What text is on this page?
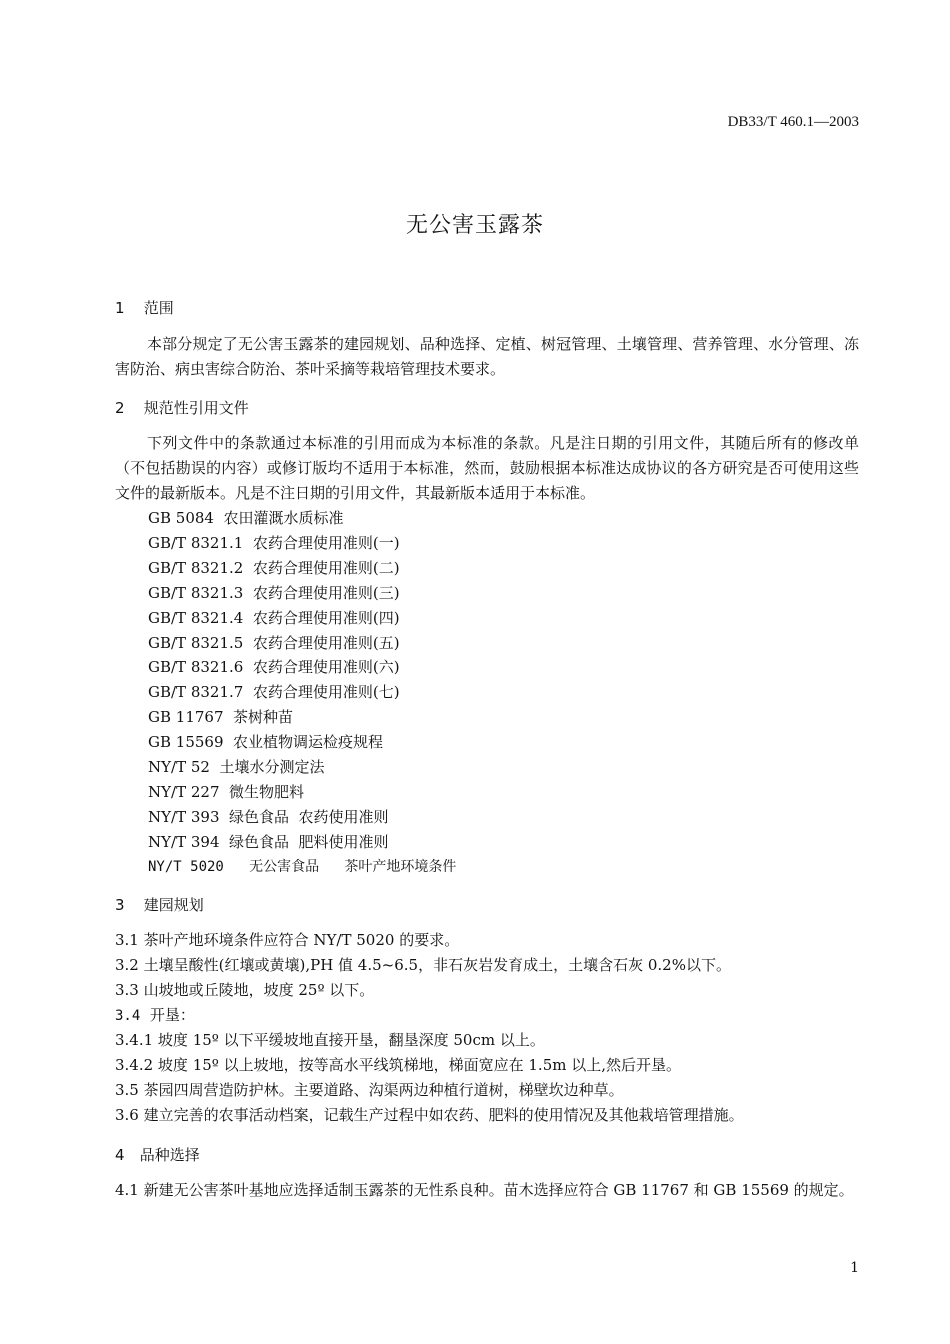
DB33/T 460.1—2003
无公害玉露茶
1 范围

本部分规定了无公害玉露茶的建园规划、品种选择、定植、树冠管理、土壤管理、营养管理、水分管理、冻害防治、病虫害综合防治、茶叶采摘等栽培管理技术要求。

2 规范性引用文件

下列文件中的条款通过本标准的引用而成为本标准的条款。凡是注日期的引用文件，其随后所有的修改单（不包括勘误的内容）或修订版均不适用于本标准，然而，鼓励根据本标准达成协议的各方研究是否可使用这些文件的最新版本。凡是不注日期的引用文件，其最新版本适用于本标准。

GB 5084  农田灌溉水质标准
GB/T 8321.1  农药合理使用准则(一)
GB/T 8321.2  农药合理使用准则(二)
GB/T 8321.3  农药合理使用准则(三)
GB/T 8321.4  农药合理使用准则(四)
GB/T 8321.5  农药合理使用准则(五)
GB/T 8321.6  农药合理使用准则(六)
GB/T 8321.7  农药合理使用准则(七)
GB 11767  茶树种苗
GB 15569  农业植物调运检疫规程
NY/T 52  土壤水分测定法
NY/T 227  微生物肥料
NY/T 393  绿色食品  农药使用准则
NY/T 394  绿色食品  肥料使用准则
NY/T 5020   无公害食品   茶叶产地环境条件
3 建园规划
3.1 茶叶产地环境条件应符合 NY/T 5020 的要求。
3.2 土壤呈酸性(红壤或黄壤),PH 值 4.5~6.5，非石灰岩发育成土，土壤含石灰 0.2%以下。
3.3 山坡地或丘陵地，坡度 25º 以下。
3.4  开垦：
3.4.1 坡度 15º 以下平缓坡地直接开垦，翻垦深度 50cm 以上。
3.4.2 坡度 15º 以上坡地，按等高水平线筑梯地，梯面宽应在 1.5m 以上,然后开垦。
3.5 茶园四周营造防护林。主要道路、沟渠两边种植行道树，梯壁坎边种草。
3.6 建立完善的农事活动档案，记载生产过程中如农药、肥料的使用情况及其他栽培管理措施。
4 品种选择
4.1 新建无公害茶叶基地应选择适制玉露茶的无性系良种。苗木选择应符合 GB 11767 和 GB 15569 的规定。
1
